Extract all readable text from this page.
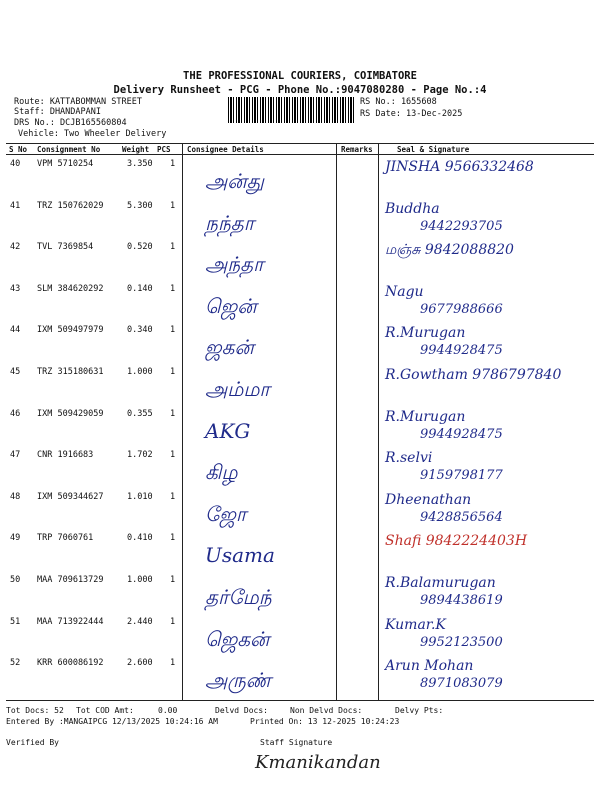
THE PROFESSIONAL COURIERS, COIMBATORE
Delivery Runsheet - PCG - Phone No.:9047080280 - Page No.:4
Route: KATTABOMMAN STREET
Staff: DHANDAPANI
DRS No.: DCJB165560804
Vehicle: Two Wheeler Delivery
RS No.: 1655608
RS Date: 13-Dec-2025
S No Consignment No	Weight PCS Consignee Details	Remarks	Seal & Signature
40 VPM 5710254	3.350 1
அன்து
JINSHA 9566332468
41 TRZ 150762029	5.300 1
நந்தா
Buddha
9442293705
42 TVL 7369854	0.520 1
அந்தா
மஞ்சு 9842088820
43 SLM 384620292	0.140 1
ஜென்
Nagu
9677988666
44 IXM 509497979	0.340 1
ஜகன்
R.Murugan
9944928475
45 TRZ 315180631	1.000 1
அம்மா
R.Gowtham 9786797840
46 IXM 509429059	0.355 1
AKG
R.Murugan
9944928475
47 CNR 1916683	1.702 1
கிழ
R.selvi
9159798177
48 IXM 509344627	1.010 1
ஜோ
Dheenathan
9428856564
49 TRP 7060761	0.410 1
Usama
Shafi 9842224403H
50 MAA 709613729	1.000 1
தர்மேந்
R.Balamurugan
9894438619
51 MAA 713922444	2.440 1
ஜெகன்
Kumar.K
9952123500
52 KRR 600086192	2.600 1
அருண்
Arun Mohan
8971083079
Tot Docs: 52 Tot COD Amt:	0.00	Delvd Docs:	Non Delvd Docs:	Delvy Pts:
Entered By :MANGAIPCG 12/13/2025 10:24:16 AM	Printed On: 13 12-2025 10:24:23
Verified By	Staff Signature
Kmanikandan
